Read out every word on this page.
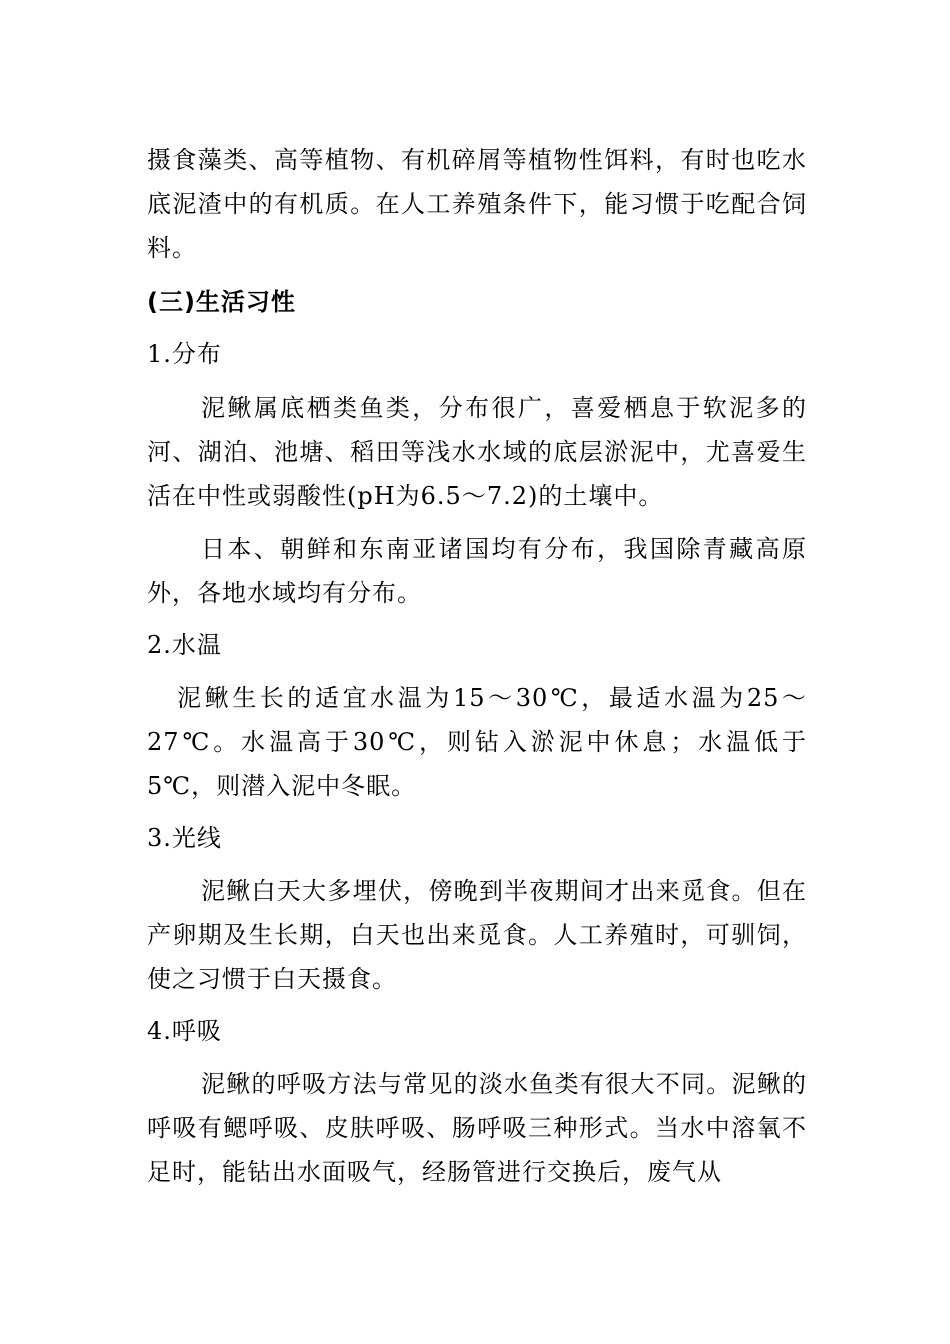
摄食藻类、高等植物、有机碎屑等植物性饵料，有时也吃水底泥渣中的有机质。在人工养殖条件下，能习惯于吃配合饲料。

(三)生活习性

1.分布

泥鳅属底栖类鱼类，分布很广，喜爱栖息于软泥多的河、湖泊、池塘、稻田等浅水水域的底层淤泥中，尤喜爱生活在中性或弱酸性(pH为6.5～7.2)的土壤中。

日本、朝鲜和东南亚诸国均有分布，我国除青藏高原外，各地水域均有分布。

2.水温

泥鳅生长的适宜水温为15～30℃，最适水温为25～27℃。水温高于30℃，则钻入淤泥中休息；水温低于5℃，则潜入泥中冬眠。

3.光线

泥鳅白天大多埋伏，傍晚到半夜期间才出来觅食。但在产卵期及生长期，白天也出来觅食。人工养殖时，可驯饲，使之习惯于白天摄食。

4.呼吸

泥鳅的呼吸方法与常见的淡水鱼类有很大不同。泥鳅的呼吸有鳃呼吸、皮肤呼吸、肠呼吸三种形式。当水中溶氧不足时，能钻出水面吸气，经肠管进行交换后，废气从
